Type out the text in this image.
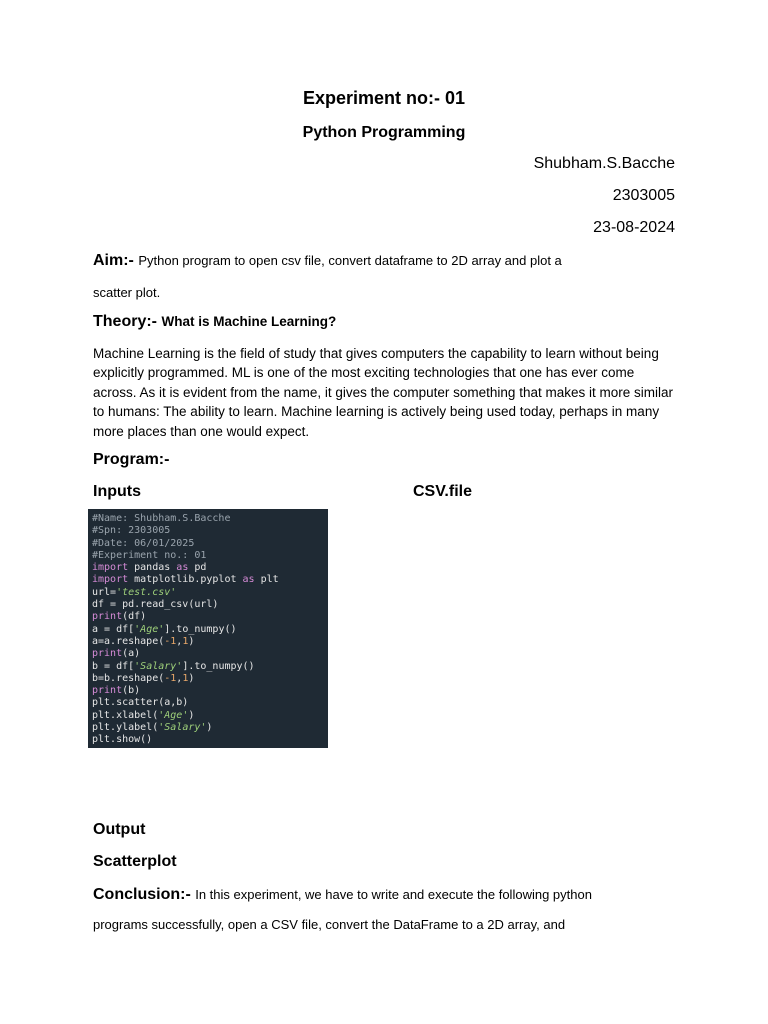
Experiment no:- 01
Python Programming
Shubham.S.Bacche
2303005
23-08-2024
Aim:- Python program to open csv file, convert dataframe to 2D array and plot a
scatter plot.
Theory:- What is Machine Learning?
Machine Learning is the field of study that gives computers the capability to learn without being explicitly programmed. ML is one of the most exciting technologies that one has ever come across. As it is evident from the name, it gives the computer something that makes it more similar to humans: The ability to learn. Machine learning is actively being used today, perhaps in many more places than one would expect.
Program:-
Inputs	CSV.file
#Name: Shubham.S.Bacche
#Spn: 2303005
#Date: 06/01/2025
#Experiment no.: 01
import pandas as pd
import matplotlib.pyplot as plt
url='test.csv'
df = pd.read_csv(url)
print(df)
a = df['Age'].to_numpy()
a=a.reshape(-1,1)
print(a)
b = df['Salary'].to_numpy()
b=b.reshape(-1,1)
print(b)
plt.scatter(a,b)
plt.xlabel('Age')
plt.ylabel('Salary')
plt.show()
Output
Scatterplot
Conclusion:- In this experiment, we have to write and execute the following python
programs successfully, open a CSV file, convert the DataFrame to a 2D array, and
